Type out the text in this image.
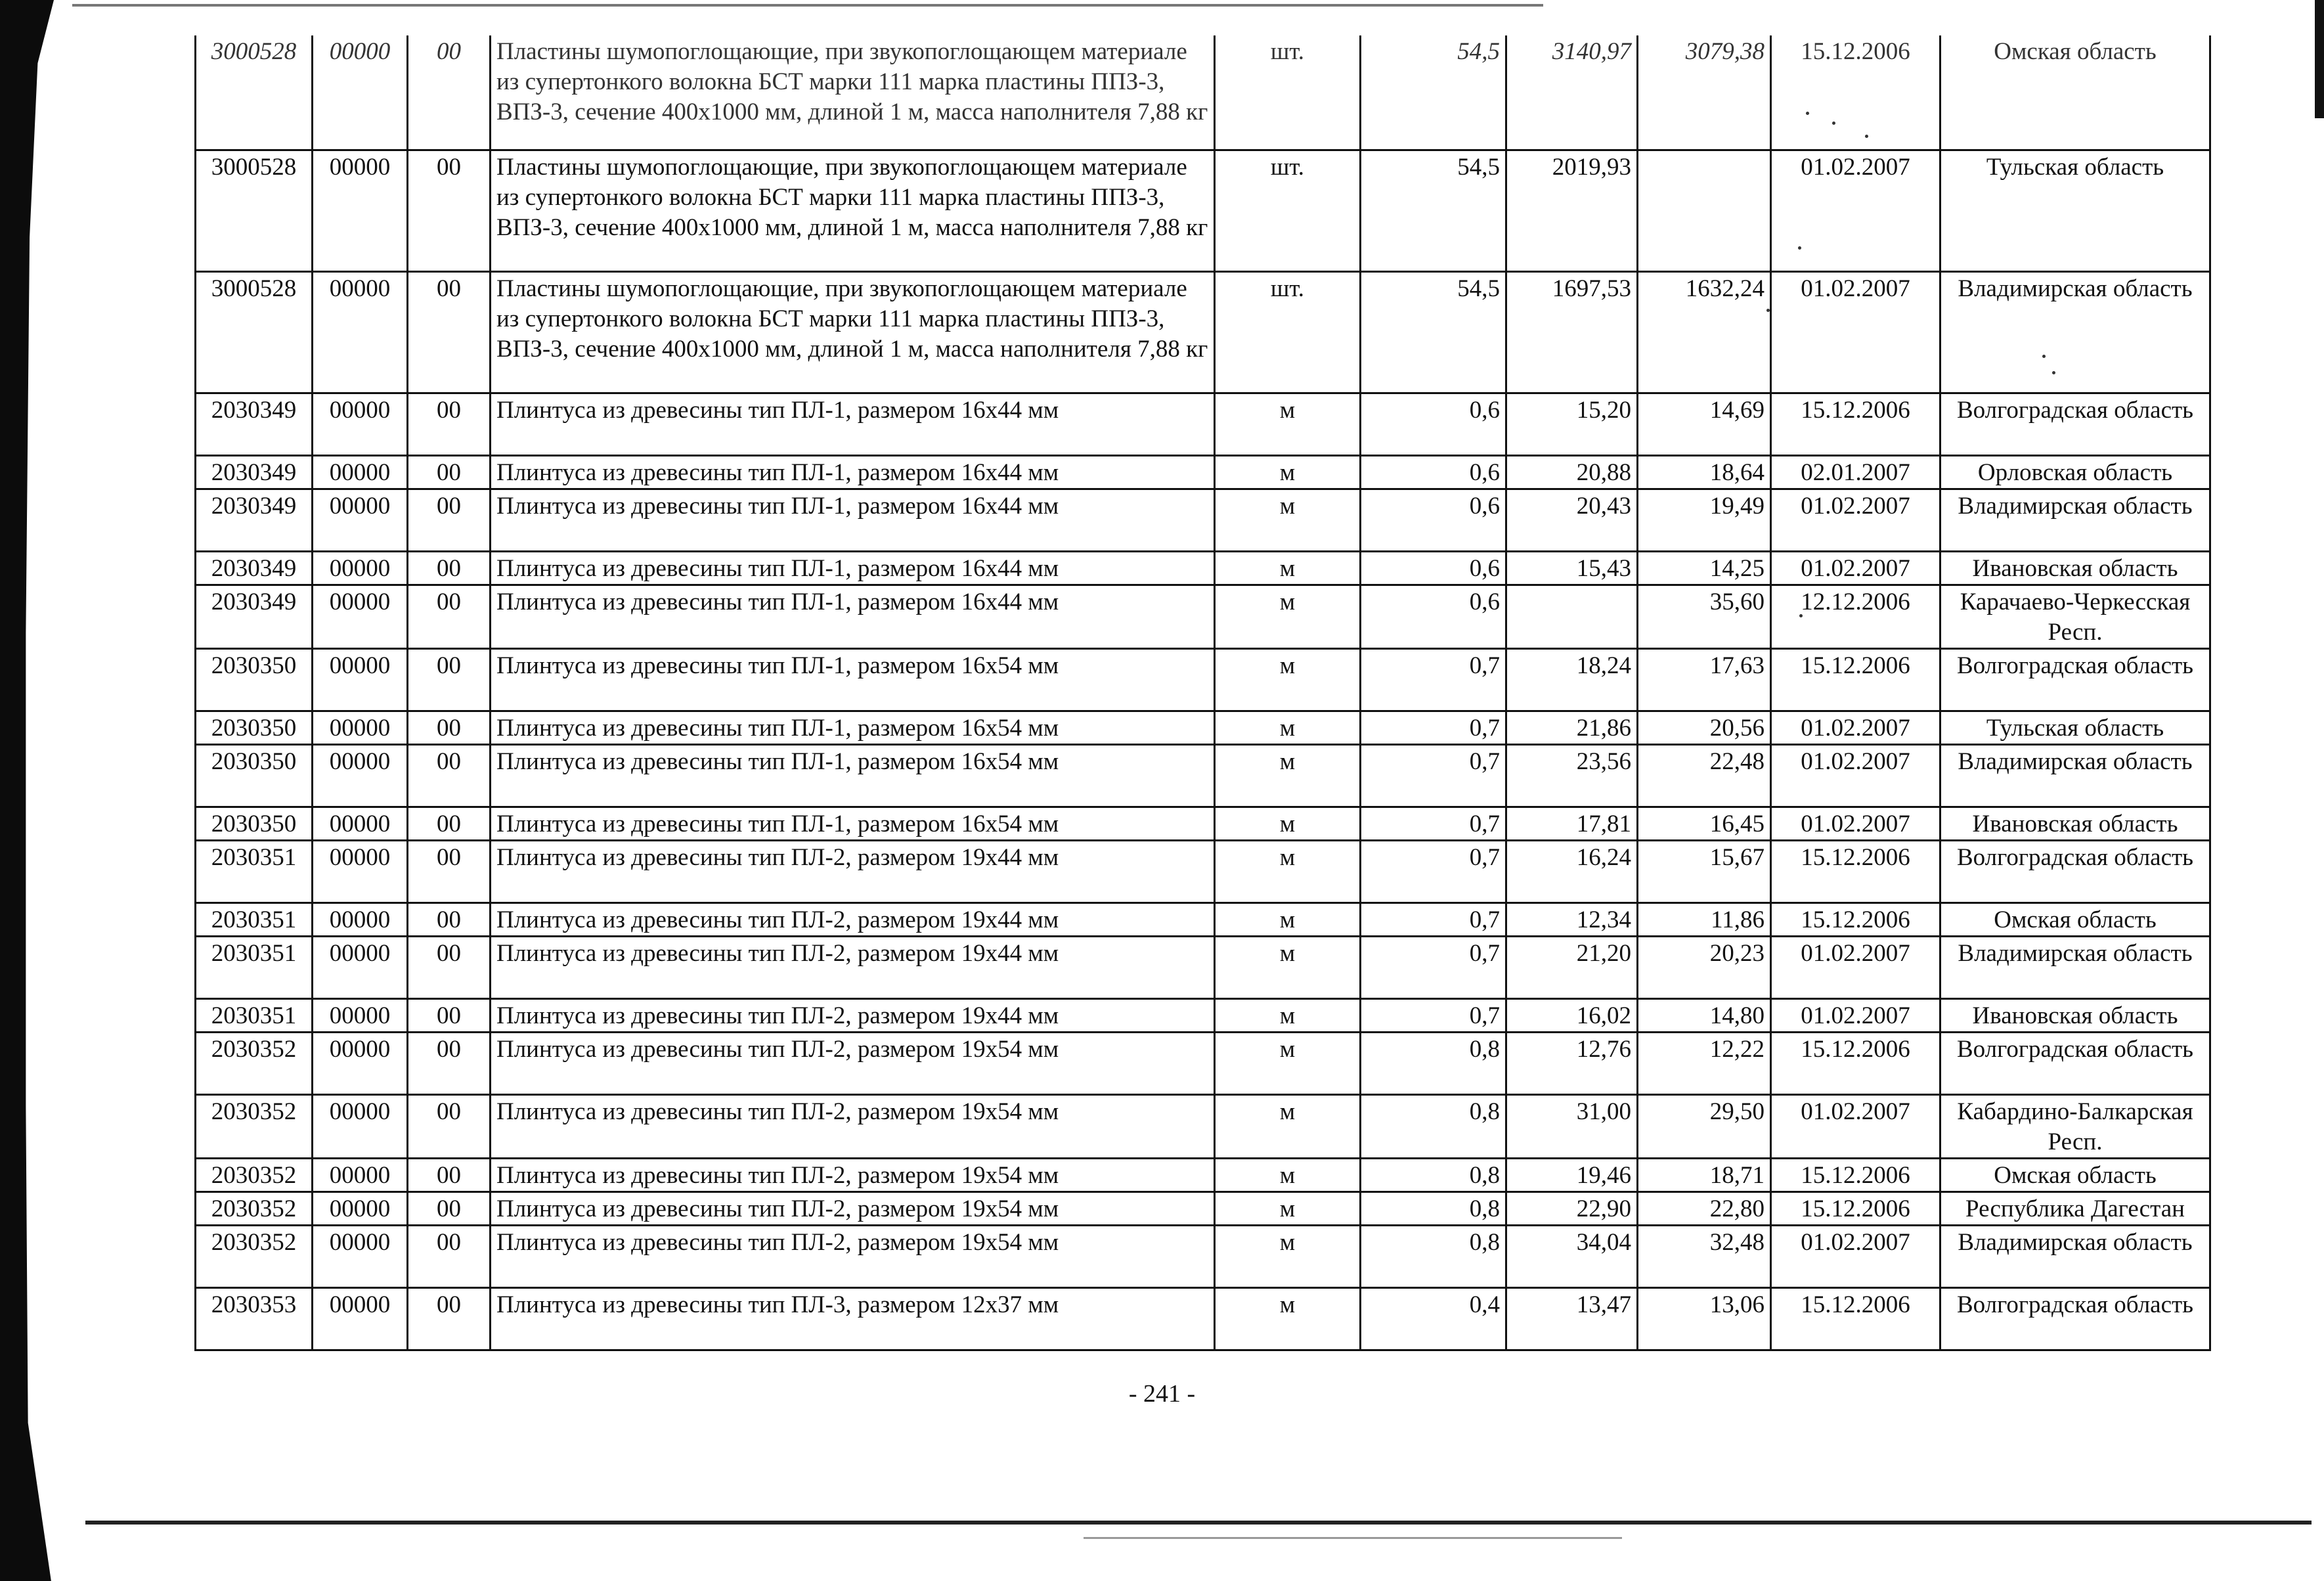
3000528	00000	00	Пластины шумопоглощающие, при звукопоглощающем материале из супертонкого волокна БСТ марки 111 марка пластины ППЗ-3, ВПЗ-3, сечение 400х1000 мм, длиной 1 м, масса наполнителя 7,88 кг	шт.	54,5	3140,97	3079,38	15.12.2006	Омская область
3000528	00000	00	Пластины шумопоглощающие, при звукопоглощающем материале из супертонкого волокна БСТ марки 111 марка пластины ППЗ-3, ВПЗ-3, сечение 400х1000 мм, длиной 1 м, масса наполнителя 7,88 кг	шт.	54,5	2019,93		01.02.2007	Тульская область
3000528	00000	00	Пластины шумопоглощающие, при звукопоглощающем материале из супертонкого волокна БСТ марки 111 марка пластины ППЗ-3, ВПЗ-3, сечение 400х1000 мм, длиной 1 м, масса наполнителя 7,88 кг	шт.	54,5	1697,53	1632,24	01.02.2007	Владимирская область
2030349	00000	00	Плинтуса из древесины тип ПЛ-1, размером 16х44 мм	м	0,6	15,20	14,69	15.12.2006	Волгоградская область
2030349	00000	00	Плинтуса из древесины тип ПЛ-1, размером 16х44 мм	м	0,6	20,88	18,64	02.01.2007	Орловская область
2030349	00000	00	Плинтуса из древесины тип ПЛ-1, размером 16х44 мм	м	0,6	20,43	19,49	01.02.2007	Владимирская область
2030349	00000	00	Плинтуса из древесины тип ПЛ-1, размером 16х44 мм	м	0,6	15,43	14,25	01.02.2007	Ивановская область
2030349	00000	00	Плинтуса из древесины тип ПЛ-1, размером 16х44 мм	м	0,6		35,60	12.12.2006	Карачаево-Черкесская Респ.
2030350	00000	00	Плинтуса из древесины тип ПЛ-1, размером 16х54 мм	м	0,7	18,24	17,63	15.12.2006	Волгоградская область
2030350	00000	00	Плинтуса из древесины тип ПЛ-1, размером 16х54 мм	м	0,7	21,86	20,56	01.02.2007	Тульская область
2030350	00000	00	Плинтуса из древесины тип ПЛ-1, размером 16х54 мм	м	0,7	23,56	22,48	01.02.2007	Владимирская область
2030350	00000	00	Плинтуса из древесины тип ПЛ-1, размером 16х54 мм	м	0,7	17,81	16,45	01.02.2007	Ивановская область
2030351	00000	00	Плинтуса из древесины тип ПЛ-2, размером 19х44 мм	м	0,7	16,24	15,67	15.12.2006	Волгоградская область
2030351	00000	00	Плинтуса из древесины тип ПЛ-2, размером 19х44 мм	м	0,7	12,34	11,86	15.12.2006	Омская область
2030351	00000	00	Плинтуса из древесины тип ПЛ-2, размером 19х44 мм	м	0,7	21,20	20,23	01.02.2007	Владимирская область
2030351	00000	00	Плинтуса из древесины тип ПЛ-2, размером 19х44 мм	м	0,7	16,02	14,80	01.02.2007	Ивановская область
2030352	00000	00	Плинтуса из древесины тип ПЛ-2, размером 19х54 мм	м	0,8	12,76	12,22	15.12.2006	Волгоградская область
2030352	00000	00	Плинтуса из древесины тип ПЛ-2, размером 19х54 мм	м	0,8	31,00	29,50	01.02.2007	Кабардино-Балкарская Респ.
2030352	00000	00	Плинтуса из древесины тип ПЛ-2, размером 19х54 мм	м	0,8	19,46	18,71	15.12.2006	Омская область
2030352	00000	00	Плинтуса из древесины тип ПЛ-2, размером 19х54 мм	м	0,8	22,90	22,80	15.12.2006	Республика Дагестан
2030352	00000	00	Плинтуса из древесины тип ПЛ-2, размером 19х54 мм	м	0,8	34,04	32,48	01.02.2007	Владимирская область
2030353	00000	00	Плинтуса из древесины тип ПЛ-3, размером 12х37 мм	м	0,4	13,47	13,06	15.12.2006	Волгоградская область
- 241 -
